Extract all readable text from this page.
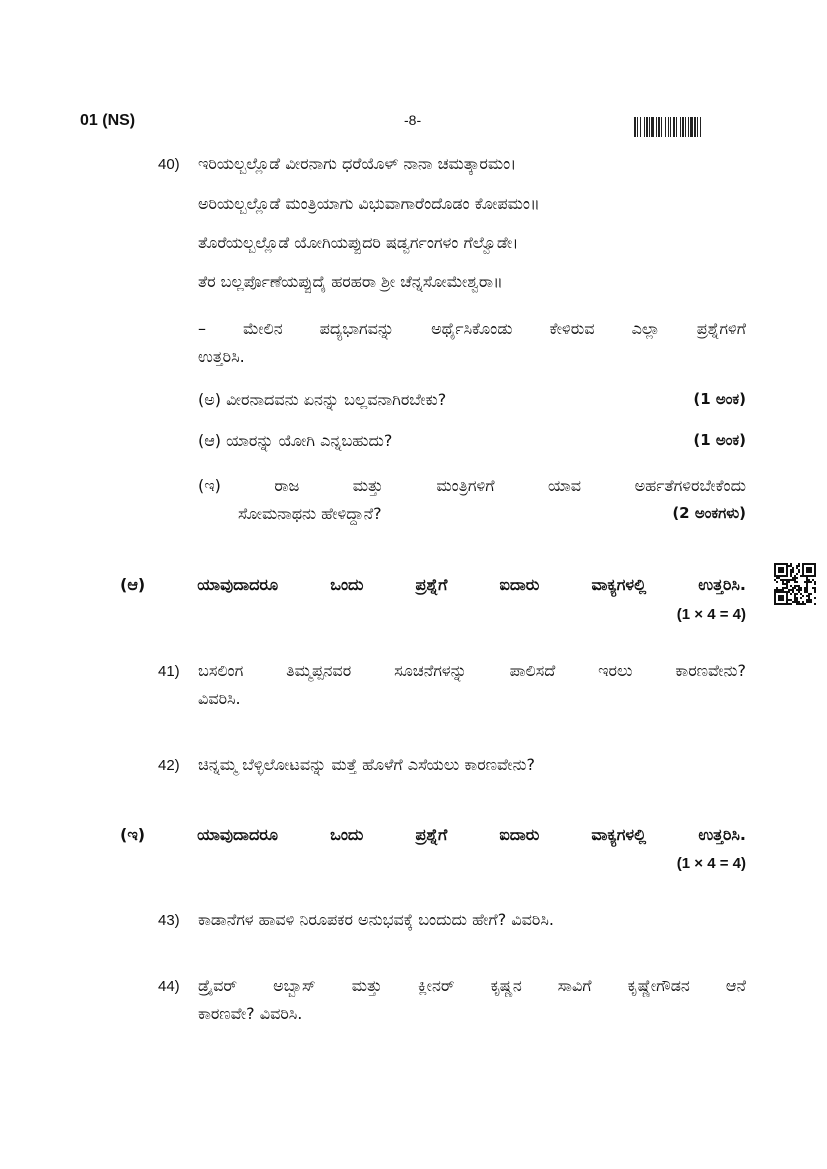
01 (NS)	-8-
40) ಇರಿಯಲ್ಬಲ್ಲೊಡೆ ವೀರನಾಗು ಧರೆಯೊಳ್ ನಾನಾ ಚಮತ್ಕಾರಮಂ।
ಅರಿಯಲ್ಬಲ್ಲೊಡೆ ಮಂತ್ರಿಯಾಗು ವಿಭುವಾಗಾರೆಂದೊಡಂ ಕೋಪಮಂ॥
ತೊರೆಯಲ್ಬಲ್ಲೊಡೆ ಯೋಗಿಯಪ್ಪುದರಿ ಷಡ್ವರ್ಗಂಗಳಂ ಗೆಲ್ವೊಡೇ।
ತೆರ ಬಲ್ಲರ್ಪೊಣೆಯಪ್ಪುದೈ ಹರಹರಾ ಶ್ರೀ ಚೆನ್ನಸೋಮೇಶ್ವರಾ॥
– ಮೇಲಿನ ಪದ್ಯಭಾಗವನ್ನು ಅರ್ಥೈಸಿಕೊಂಡು ಕೇಳಿರುವ ಎಲ್ಲಾ ಪ್ರಶ್ನೆಗಳಿಗೆ
ಉತ್ತರಿಸಿ.
(ಅ) ವೀರನಾದವನು ಏನನ್ನು ಬಲ್ಲವನಾಗಿರಬೇಕು?	(1 ಅಂಕ)
(ಆ) ಯಾರನ್ನು ಯೋಗಿ ಎನ್ನಬಹುದು?	(1 ಅಂಕ)
(ಇ) ರಾಜ ಮತ್ತು ಮಂತ್ರಿಗಳಿಗೆ ಯಾವ ಅರ್ಹತೆಗಳಿರಬೇಕೆಂದು
ಸೋಮನಾಥನು ಹೇಳಿದ್ದಾನೆ?	(2 ಅಂಕಗಳು)
(ಆ) ಯಾವುದಾದರೂ ಒಂದು ಪ್ರಶ್ನೆಗೆ ಐದಾರು ವಾಕ್ಯಗಳಲ್ಲಿ ಉತ್ತರಿಸಿ.
(1 × 4 = 4)
41) ಬಸಲಿಂಗ ತಿಮ್ಮಪ್ಪನವರ ಸೂಚನೆಗಳನ್ನು ಪಾಲಿಸದೆ ಇರಲು ಕಾರಣವೇನು?
ವಿವರಿಸಿ.
42) ಚಿನ್ನಮ್ಮ ಬೆಳ್ಳಿಲೋಟವನ್ನು ಮತ್ತೆ ಹೊಳೆಗೆ ಎಸೆಯಲು ಕಾರಣವೇನು?
(ಇ) ಯಾವುದಾದರೂ ಒಂದು ಪ್ರಶ್ನೆಗೆ ಐದಾರು ವಾಕ್ಯಗಳಲ್ಲಿ ಉತ್ತರಿಸಿ.
(1 × 4 = 4)
43) ಕಾಡಾನೆಗಳ ಹಾವಳಿ ನಿರೂಪಕರ ಅನುಭವಕ್ಕೆ ಬಂದುದು ಹೇಗೆ? ವಿವರಿಸಿ.
44) ಡ್ರೈವರ್ ಅಬ್ಬಾಸ್ ಮತ್ತು ಕ್ಲೀನರ್ ಕೃಷ್ಣನ ಸಾವಿಗೆ ಕೃಷ್ಣೇಗೌಡನ ಆನೆ
ಕಾರಣವೇ? ವಿವರಿಸಿ.
